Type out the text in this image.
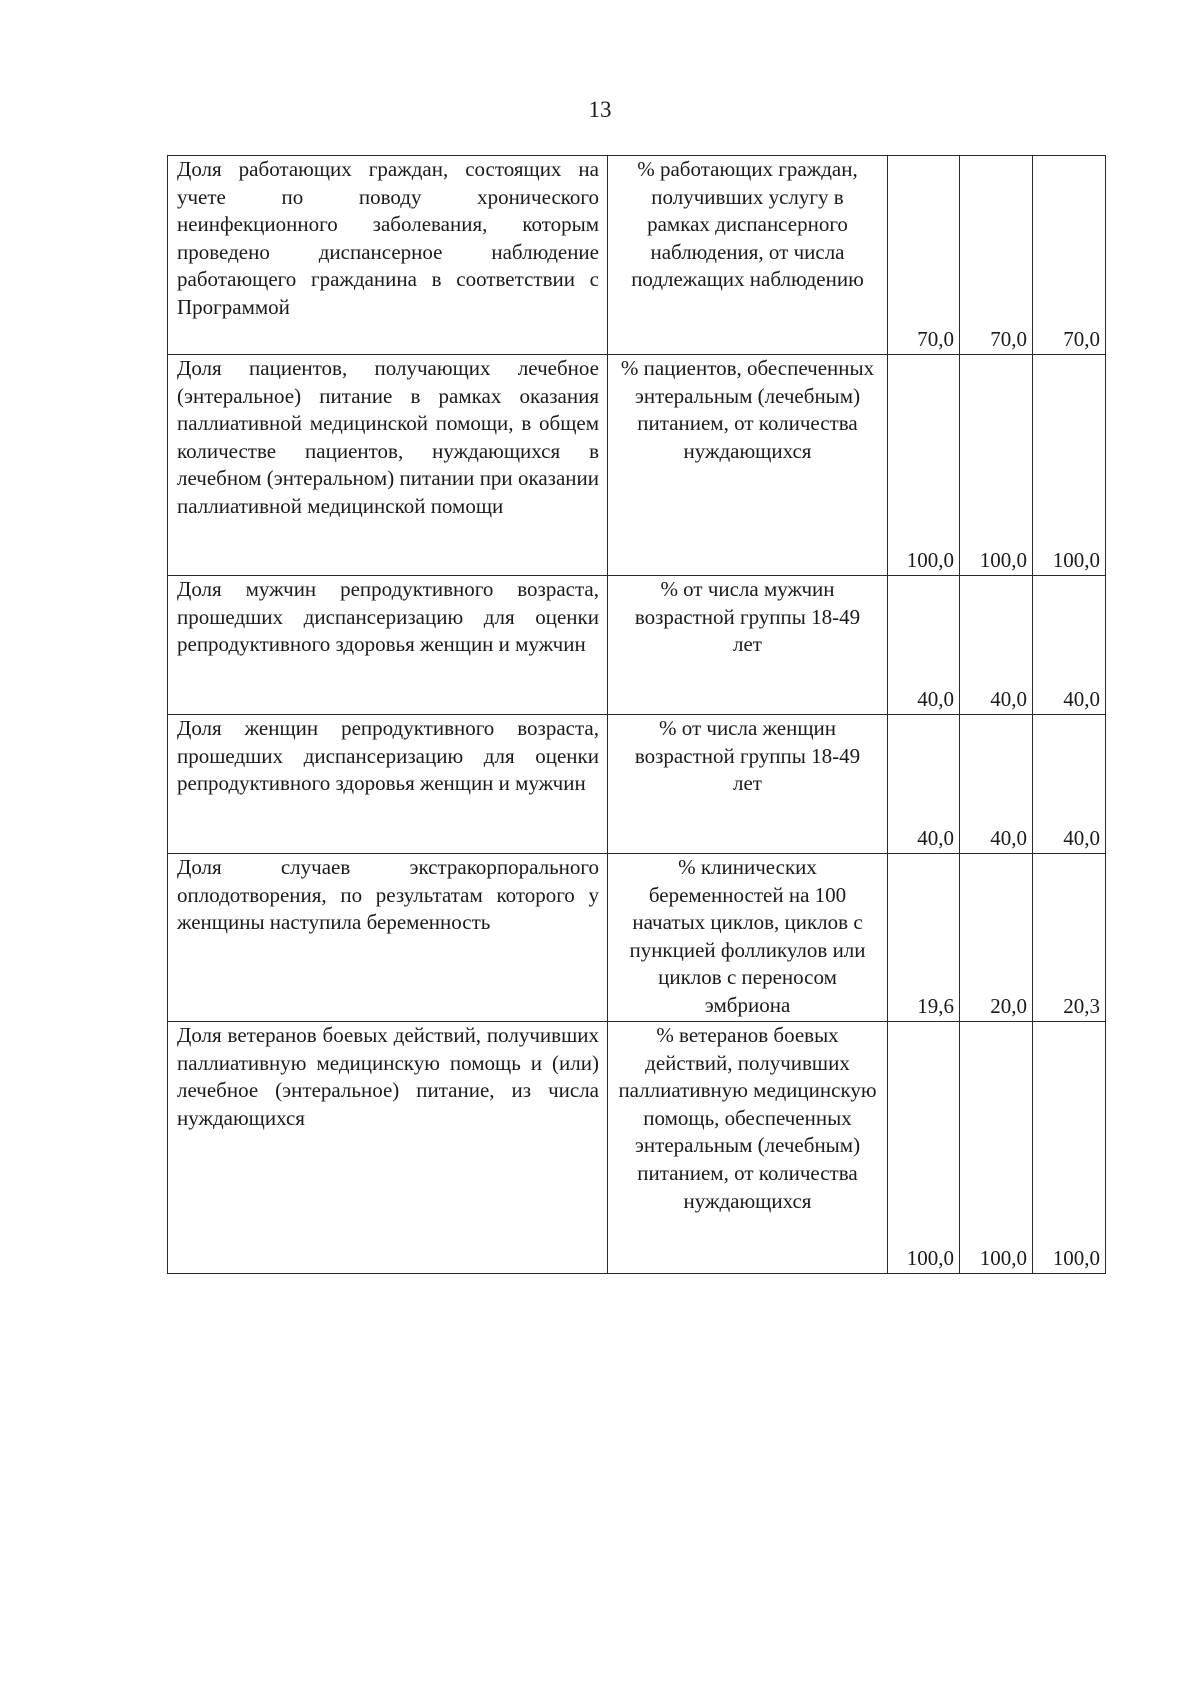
13
Доля работающих граждан, состоящих на учете по поводу хронического неинфекционного заболевания, которым проведено диспансерное наблюдение работающего гражданина в соответствии с Программой	% работающих граждан, получивших услугу в рамках диспансерного наблюдения, от числа подлежащих наблюдению	70,0	70,0	70,0
Доля пациентов, получающих лечебное (энтеральное) питание в рамках оказания паллиативной медицинской помощи, в общем количестве пациентов, нуждающихся в лечебном (энтеральном) питании при оказании паллиативной медицинской помощи	% пациентов, обеспеченных энтеральным (лечебным) питанием, от количества нуждающихся	100,0	100,0	100,0
Доля мужчин репродуктивного возраста, прошедших диспансеризацию для оценки репродуктивного здоровья женщин и мужчин	% от числа мужчин возрастной группы 18-49 лет	40,0	40,0	40,0
Доля женщин репродуктивного возраста, прошедших диспансеризацию для оценки репродуктивного здоровья женщин и мужчин	% от числа женщин возрастной группы 18-49 лет	40,0	40,0	40,0
Доля случаев экстракорпорального оплодотворения, по результатам которого у женщины наступила беременность	% клинических беременностей на 100 начатых циклов, циклов с пункцией фолликулов или циклов с переносом эмбриона	19,6	20,0	20,3
Доля ветеранов боевых действий, получивших паллиативную медицинскую помощь и (или) лечебное (энтеральное) питание, из числа нуждающихся	% ветеранов боевых действий, получивших паллиативную медицинскую помощь, обеспеченных энтеральным (лечебным) питанием, от количества нуждающихся	100,0	100,0	100,0
